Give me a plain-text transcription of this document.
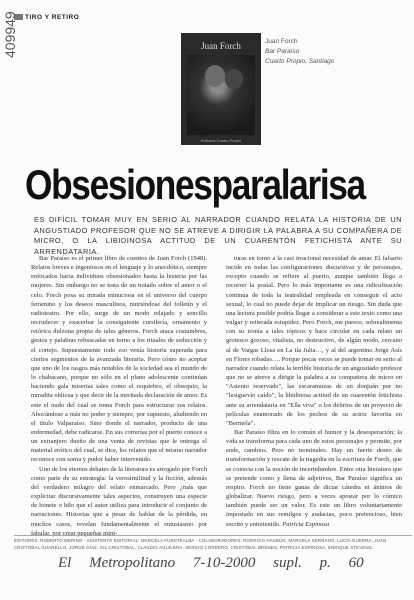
TIRO Y RETIRO
409949	Juan Forch
Editorial Cuarto Propio
Juan Forch
Bar Paraíso
Cuarto Propio, Santiago
Obsesionesparalarisa
ES DIFÍCIL TOMAR MUY EN SERIO AL NARRADOR CUANDO RELATA LA HISTORIA DE UN ANGUSTIADO PROFESOR QUE NO SE ATREVE A DIRIGIR LA PALABRA A SU COMPAÑERA DE MICRO, O LA LIBIDINOSA ACTITUD DE UN CUARENTÓN FETICHISTA ANTE SU ARRENDATARIA.

Bar Paraíso es el primer libro de cuentos de Juan Forch (1948). Relatos breves e ingeniosos en el lenguaje y lo anecdótico, siempre enfocados hacia individuos obsesionados hasta la histeria por las mujeres. Sin embargo no se trata de un tratado sobre el amor o el celo. Forch posa su mirada minuciosa en el universo del cuerpo femenino y los deseos masculinos, nutriéndose del folletín y el radioteatro. Por ello, surge de un modo relajado y sencillo recrudecer y exacerbar la consiguiente cursilería, ornamento y retórica dulzona propia de tales géneros. Forch ataca costumbres, gestos y palabras rebuscadas en torno a los rituales de seducción y el cortejo. Supuestamente todo eso venía historia superada para ciertos segmentos de la avanzada literaria. Pero cómo no aceptar que uno de los rasgos más notables de la sociedad sea el mundo de lo chabacano, porque no sólo en el plano adolescente continúan haciendo gala miserias tales como el requiebro, el obsequio, la miradita oblicua y que decir de la meritada declaración de amor. Es este el nudo del cual se toma Forch para estructurar sus relatos. Abocándose a más no poder y siempre, por supuesto, aludiendo en el título Valparaíso. Sino donde el narrador, producto de una enfermedad, debe radicarse. En sus correrías por el puerto conoce a un extranjero dueño de una venta de revistas que le entrega el material erótico del cual, se dice, los relatos que el mismo narrador reconoce con sorna y pudor haber intervenido.

Uno de los eternos debates de la literatura es arrogado por Forch como parte de su estrategia: la verosimilitud y la ficción, además del verdadero milagro del relato enmarcado. Pero ¿más que explicitar discursivamente tales aspectos, construyen una especie de bonete o hilo que el autor utiliza para introducir el conjunto de narraciones. Historias que a pesar de hablar de la pérdida, en muchos casos, revelan fundamentalmente el entusiasmo por fabular, por crear pequeñas mini-

turas en torno a la casi irracional necesidad de amar. El falsario incide en todas las configuraciones discursivas y de personajes, excepto cuando se refiere al puerto, aunque también llega a recorrer la postal. Pero lo más importante es una ridiculización continua de toda la teatralidad empleada en conseguir el acto sexual, lo cual no puede dejar de implicar un riesgo. Sin duda que una lectura posible podría llegar a considerar a este texto como una vulgar y reiterada estupidez. Pero Forch, me parece, sobrealimenta con su ironía a tales tópicos y hace circular en cada relato un grotesco gozoso, vitalista, no destructivo, de algún modo, cercano al de Vargas Llosa en La tía Julia…, y al del argentino Jorge Asís en Flores robadas…. Porque pocas veces se puede tomar en serio al narrador cuando relata la terrible historia de un angustiado profesor que no se atreve a dirigir la palabra a su compañera de micro en "Asiento reservado", las escaramuzas de un donjuán por no "lesiguevío caído", la libidinosa actitud de un cuarentón fetichista ante su arrendataria en "Ella viva" o los delirios de un proyecto de películas enamorado de los pechos de su actriz favorita en "Bermela".

Bar Paraíso filtra en lo común el humor y la desesperación; la vida se transforma para cada uno de estos personajes y permite, por ende, cambios. Pero no terminales. Hay un fuerte deseo de transformación y rescate de la tragedia en la escritura de Forch, que se conecta con la noción de incertidumbre. Entre otra literatura que se pretende como y llena de adjetivos, Bar Paraíso significa un respiro. Forch no tiene ganas de dictar cátedra ni ánimos de globalizar. Nuevo riesgo, pero a veces apostar por lo cómico también puede ser un valor. Es este un libro voluntariamente impostado en sus remilgos y audacias, poco pretencioso, bien escrito y entretenido. Patricia Espinosa

EDITORES: ROBERTO MERINO · ASISTENTE EDITORIAL: MARCELA FUENTEALBA · COLABORADORES: RODRIGO HASBÚN, MARCELA SERRANO, LUCÍA GUERRA, JUAN CRISTÓBAL GUARELLO, JORGE DÍAZ, GIL CRISTÓBAL, CLAUDIO AGUILERA, SERGIO CORDERO, CRISTÓBAL BRENES, PATRICIA ESPINOSA, ENRIQUE STEVENS.
El Metropolitano 7-10-2000 supl. p. 60
